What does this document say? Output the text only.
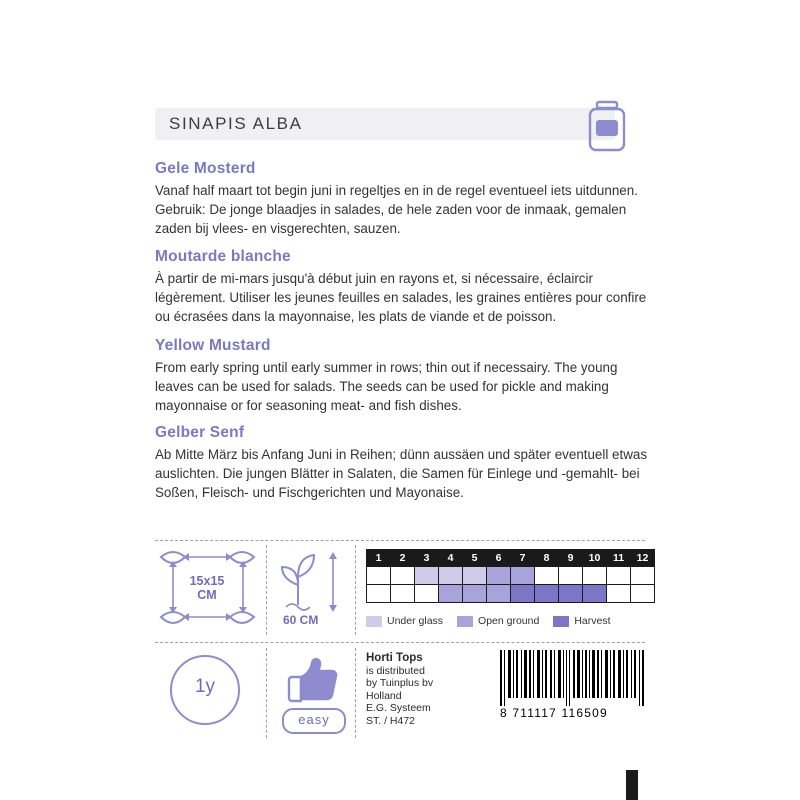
SINAPIS ALBA
Gele Mosterd

Vanaf half maart tot begin juni in regeltjes en in de regel eventueel iets uitdunnen. Gebruik: De jonge blaadjes in salades, de hele zaden voor de inmaak, gemalen zaden bij vlees- en visgerechten, sauzen.

Moutarde blanche

À partir de mi-mars jusqu'à début juin en rayons et, si nécessaire, éclaircir légèrement. Utiliser les jeunes feuilles en salades, les graines entières pour confire ou écrasées dans la mayonnaise, les plats de viande et de poisson.

Yellow Mustard

From early spring until early summer in rows; thin out if necessairy. The young leaves can be used for salads. The seeds can be used for pickle and making mayonnaise or for seasoning meat- and fish dishes.

Gelber Senf

Ab Mitte März bis Anfang Juni in Reihen; dünn aussäen und später eventuell etwas auslichten. Die jungen Blätter in Salaten, die Samen für Einlege und -gemahlt- bei Soßen, Fleisch- und Fischgerichten und Mayonaise.

15x15
CM
60 CM
1	2	3	4	5	6	7	8	9	10	11	12

Under glass	Open ground	Harvest
1y
easy
Horti Tops
is distributed
by Tuinplus bv
Holland
E.G. Systeem
ST. / H472
8 711117 116509
